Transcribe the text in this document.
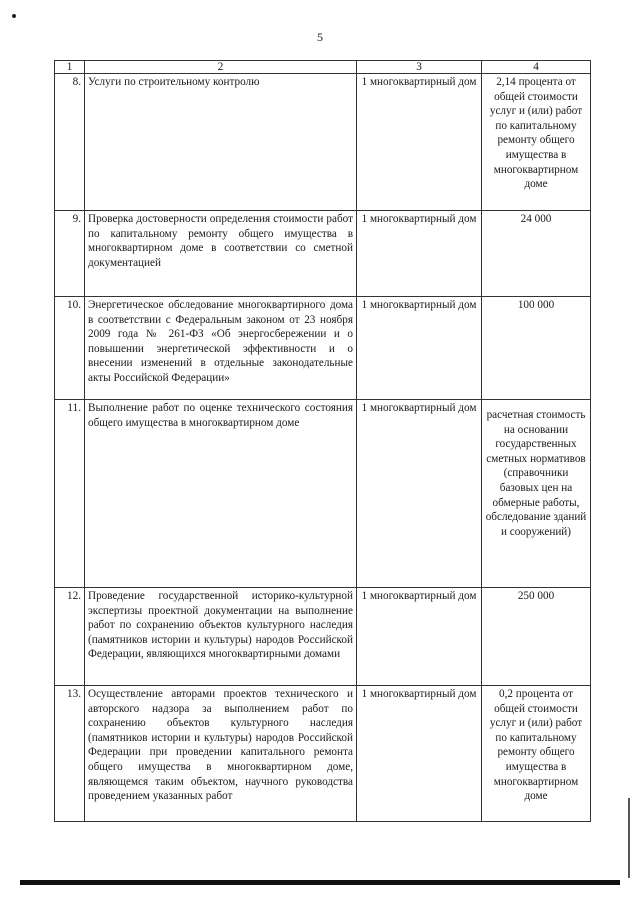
5
1	2	3	4
8.	Услуги по строительному контролю	1 многоквартирный дом	2,14 процента от общей стоимости услуг и (или) работ по капитальному ремонту общего имущества в многоквартирном доме
9.	Проверка достоверности определения стоимости работ по капитальному ремонту общего имущества в многоквартирном доме в соответствии со сметной документацией	1 многоквартирный дом	24 000
10.	Энергетическое обследование многоквартирного дома в соответствии с Федеральным законом от 23 ноября 2009 года № 261-ФЗ «Об энергосбережении и о повышении энергетической эффективности и о внесении изменений в отдельные законодательные акты Российской Федерации»	1 многоквартирный дом	100 000
11.	Выполнение работ по оценке технического состояния общего имущества в многоквартирном доме	1 многоквартирный дом	расчетная стоимость на основании государственных сметных нормативов (справочники базовых цен на обмерные работы, обследование зданий и сооружений)
12.	Проведение государственной историко-культурной экспертизы проектной документации на выполнение работ по сохранению объектов культурного наследия (памятников истории и культуры) народов Российской Федерации, являющихся многоквартирными домами	1 многоквартирный дом	250 000
13.	Осуществление авторами проектов технического и авторского надзора за выполнением работ по сохранению объектов культурного наследия (памятников истории и культуры) народов Российской Федерации при проведении капитального ремонта общего имущества в многоквартирном доме, являющемся таким объектом, научного руководства проведением указанных работ	1 многоквартирный дом	0,2 процента от общей стоимости услуг и (или) работ по капитальному ремонту общего имущества в многоквартирном доме
